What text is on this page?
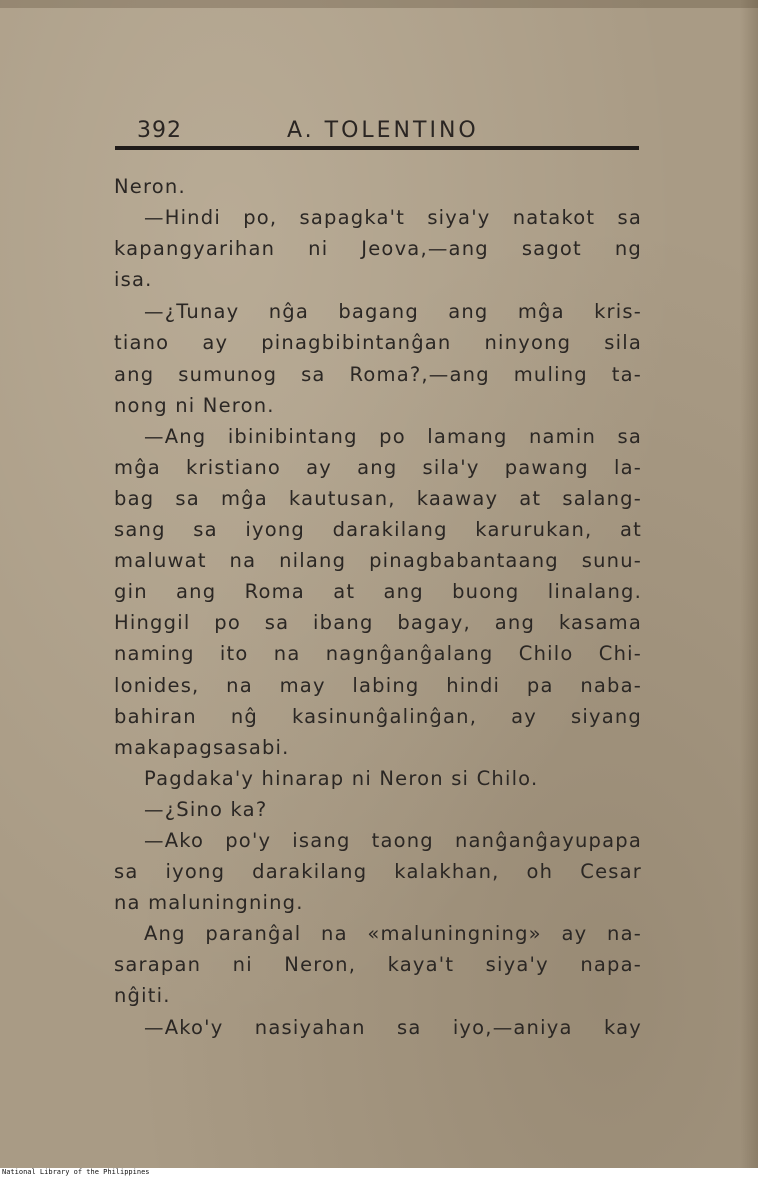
392	A. TOLENTINO
Neron.
—Hindi po, sapagka't siya'y natakot sa
kapangyarihan ni Jeova,—ang sagot ng
isa.
—¿Tunay nĝa bagang ang mĝa kris-
tiano ay pinagbibintanĝan ninyong sila
ang sumunog sa Roma?,—ang muling ta-
nong ni Neron.
—Ang ibinibintang po lamang namin sa
mĝa kristiano ay ang sila'y pawang la-
bag sa mĝa kautusan, kaaway at salang-
sang sa iyong darakilang karurukan, at
maluwat na nilang pinagbabantaang sunu-
gin ang Roma at ang buong linalang.
Hinggil po sa ibang bagay, ang kasama
naming ito na nagnĝanĝalang Chilo Chi-
lonides, na may labing hindi pa naba-
bahiran nĝ kasinunĝalinĝan, ay siyang
makapagsasabi.
Pagdaka'y hinarap ni Neron si Chilo.
—¿Sino ka?
—Ako po'y isang taong nanĝanĝayupapa
sa iyong darakilang kalakhan, oh Cesar
na maluningning.
Ang paranĝal na «maluningning» ay na-
sarapan ni Neron, kaya't siya'y napa-
nĝiti.
—Ako'y nasiyahan sa iyo,—aniya kay
National Library of the Philippines
